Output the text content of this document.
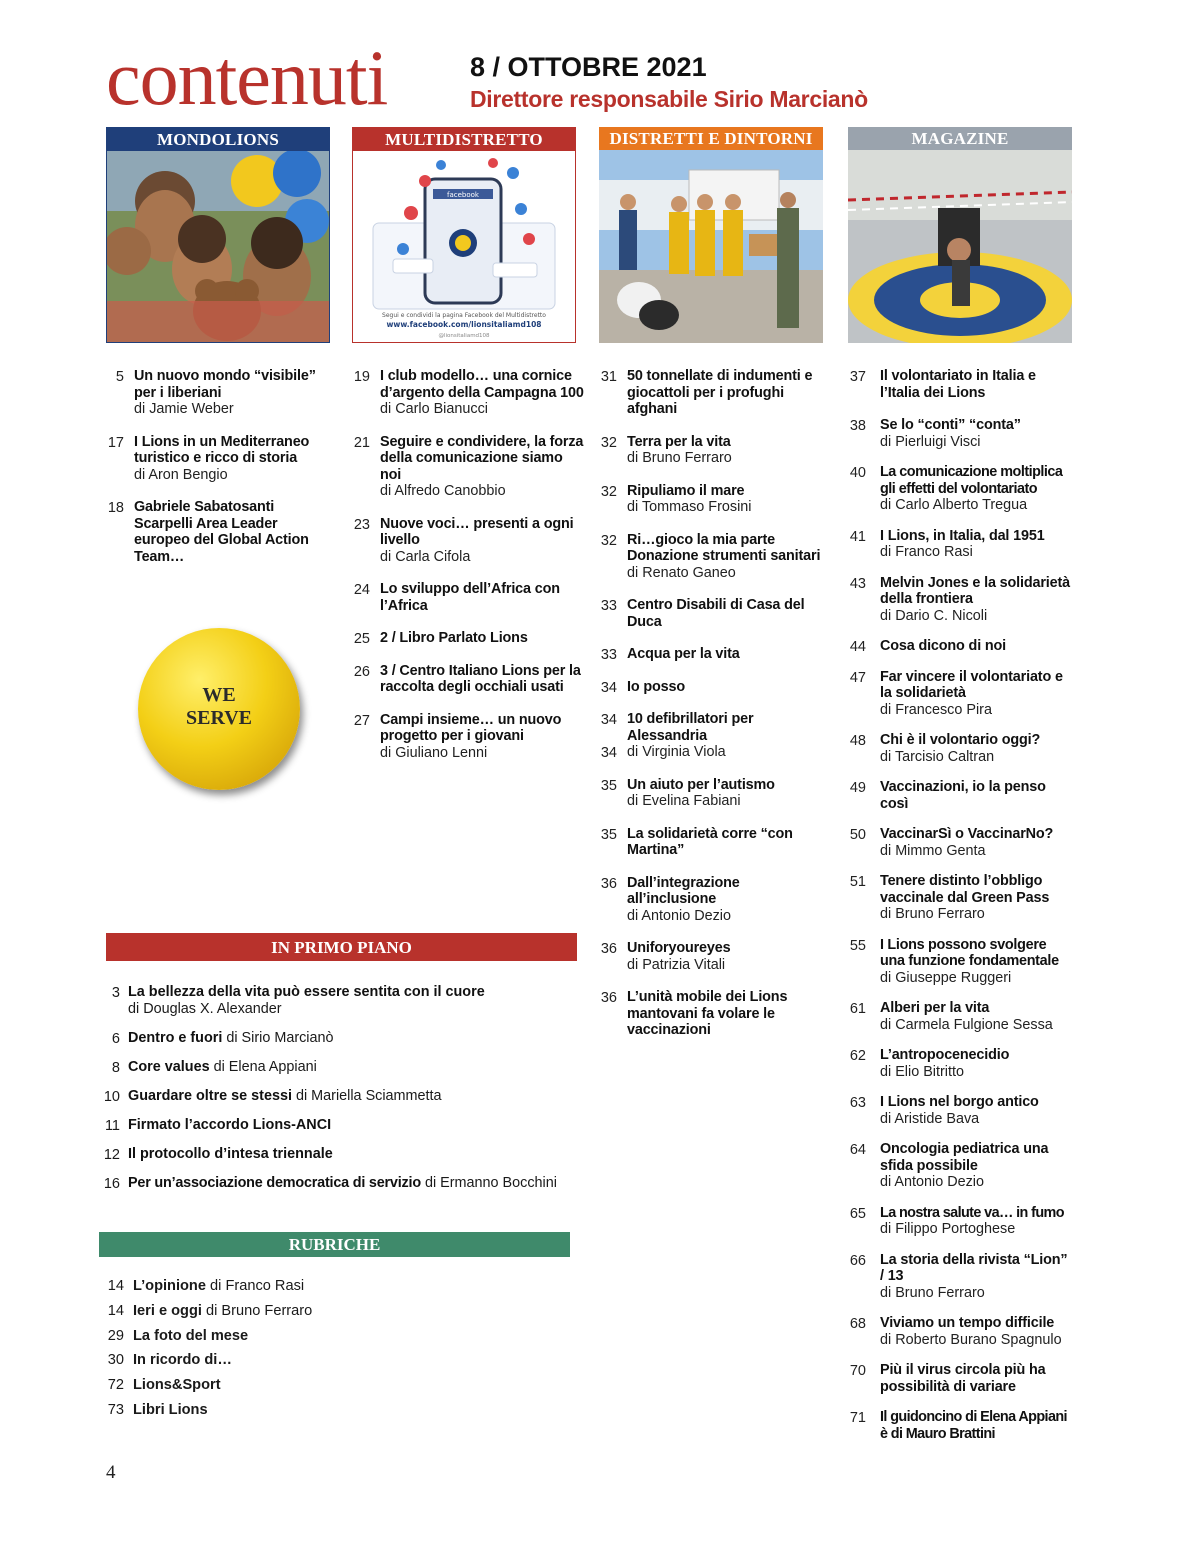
contenuti	8 / OTTOBRE 2021
Direttore responsabile Sirio Marcianò
MONDOLIONS	MULTIDISTRETTO
facebook
Segui e condividi la pagina Facebook del Multidistretto
www.facebook.com/lionsitaliamd108
@lionsitaliamd108
DISTRETTI E DINTORNI	MAGAZINE
5 Un nuovo mondo “visibile” per i liberiani
di Jamie Weber
17 I Lions in un Mediterraneo turistico e ricco di storia
di Aron Bengio
18 Gabriele Sabatosanti Scarpelli Area Leader europeo del Global Action Team…
WE
SERVE
19 I club modello… una cornice d’argento della Campagna 100
di Carlo Bianucci
21 Seguire e condividere, la forza della comunicazione siamo noi
di Alfredo Canobbio
23 Nuove voci… presenti a ogni livello
di Carla Cifola
24 Lo sviluppo dell’Africa con l’Africa
25 2 / Libro Parlato Lions
26 3 / Centro Italiano Lions per la raccolta degli occhiali usati
27 Campi insieme… un nuovo progetto per i giovani
di Giuliano Lenni
31 50 tonnellate di indumenti e giocattoli per i profughi afghani
32 Terra per la vita
di Bruno Ferraro
32 Ripuliamo il mare
di Tommaso Frosini
32 Ri…gioco la mia parte Donazione strumenti sanitari
di Renato Ganeo
33 Centro Disabili di Casa del Duca
33 Acqua per la vita
34 Io posso
34 10 defibrillatori per Alessandria
34 di Virginia Viola
35 Un aiuto per l’autismo
di Evelina Fabiani
35 La solidarietà corre “con Martina”
36 Dall’integrazione all’inclusione
di Antonio Dezio
36 Uniforyoureyes
di Patrizia Vitali
36 L’unità mobile dei Lions mantovani fa volare le vaccinazioni
37 Il volontariato in Italia e l’Italia dei Lions
38 Se lo “conti” “conta”
di Pierluigi Visci
40 La comunicazione moltiplica gli effetti del volontariato
di Carlo Alberto Tregua
41 I Lions, in Italia, dal 1951
di Franco Rasi
43 Melvin Jones e la solidarietà della frontiera
di Dario C. Nicoli
44 Cosa dicono di noi
47 Far vincere il volontariato e la solidarietà
di Francesco Pira
48 Chi è il volontario oggi?
di Tarcisio Caltran
49 Vaccinazioni, io la penso così
50 VaccinarSì o VaccinarNo?
di Mimmo Genta
51 Tenere distinto l’obbligo vaccinale dal Green Pass
di Bruno Ferraro
55 I Lions possono svolgere una funzione fondamentale
di Giuseppe Ruggeri
61 Alberi per la vita
di Carmela Fulgione Sessa
62 L’antropocenecidio
di Elio Bitritto
63 I Lions nel borgo antico
di Aristide Bava
64 Oncologia pediatrica una sfida possibile
di Antonio Dezio
65 La nostra salute va… in fumo
di Filippo Portoghese
66 La storia della rivista “Lion” / 13
di Bruno Ferraro
68 Viviamo un tempo difficile
di Roberto Burano Spagnulo
70 Più il virus circola più ha possibilità di variare
71 Il guidoncino di Elena Appiani è di Mauro Brattini
IN PRIMO PIANO
3 La bellezza della vita può essere sentita con il cuore
di Douglas X. Alexander
6 Dentro e fuori di Sirio Marcianò
8 Core values di Elena Appiani
10 Guardare oltre se stessi di Mariella Sciammetta
11 Firmato l’accordo Lions-ANCI
12 Il protocollo d’intesa triennale
16 Per un’associazione democratica di servizio di Ermanno Bocchini
RUBRICHE
14 L’opinione di Franco Rasi
14 Ieri e oggi di Bruno Ferraro
29 La foto del mese
30 In ricordo di…
72 Lions&Sport
73 Libri Lions
4
